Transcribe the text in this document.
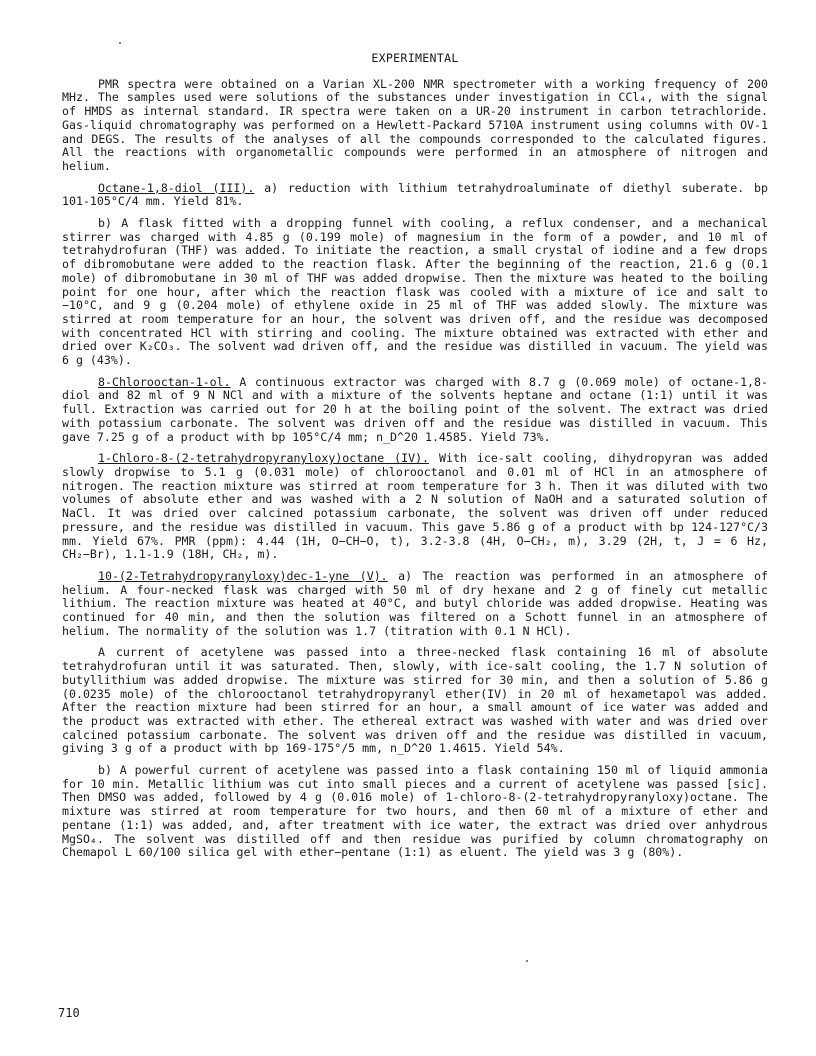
EXPERIMENTAL

PMR spectra were obtained on a Varian XL-200 NMR spectrometer with a working frequency of 200 MHz. The samples used were solutions of the substances under investigation in CCl₄, with the signal of HMDS as internal standard. IR spectra were taken on a UR-20 instrument in carbon tetrachloride. Gas-liquid chromatography was performed on a Hewlett-Packard 5710A instrument using columns with OV-1 and DEGS. The results of the analyses of all the compounds corresponded to the calculated figures. All the reactions with organometallic compounds were performed in an atmosphere of nitrogen and helium.

Octane-1,8-diol (III). a) reduction with lithium tetrahydroaluminate of diethyl suberate. bp 101-105°C/4 mm. Yield 81%.

b) A flask fitted with a dropping funnel with cooling, a reflux condenser, and a mechanical stirrer was charged with 4.85 g (0.199 mole) of magnesium in the form of a powder, and 10 ml of tetrahydrofuran (THF) was added. To initiate the reaction, a small crystal of iodine and a few drops of dibromobutane were added to the reaction flask. After the beginning of the reaction, 21.6 g (0.1 mole) of dibromobutane in 30 ml of THF was added dropwise. Then the mixture was heated to the boiling point for one hour, after which the reaction flask was cooled with a mixture of ice and salt to −10°C, and 9 g (0.204 mole) of ethylene oxide in 25 ml of THF was added slowly. The mixture was stirred at room temperature for an hour, the solvent was driven off, and the residue was decomposed with concentrated HCl with stirring and cooling. The mixture obtained was extracted with ether and dried over K₂CO₃. The solvent wad driven off, and the residue was distilled in vacuum. The yield was 6 g (43%).

8-Chlorooctan-1-ol. A continuous extractor was charged with 8.7 g (0.069 mole) of octane-1,8-diol and 82 ml of 9 N NCl and with a mixture of the solvents heptane and octane (1:1) until it was full. Extraction was carried out for 20 h at the boiling point of the solvent. The extract was dried with potassium carbonate. The solvent was driven off and the residue was distilled in vacuum. This gave 7.25 g of a product with bp 105°C/4 mm; n_D^20 1.4585. Yield 73%.

1-Chloro-8-(2-tetrahydropyranyloxy)octane (IV). With ice-salt cooling, dihydropyran was added slowly dropwise to 5.1 g (0.031 mole) of chlorooctanol and 0.01 ml of HCl in an atmosphere of nitrogen. The reaction mixture was stirred at room temperature for 3 h. Then it was diluted with two volumes of absolute ether and was washed with a 2 N solution of NaOH and a saturated solution of NaCl. It was dried over calcined potassium carbonate, the solvent was driven off under reduced pressure, and the residue was distilled in vacuum. This gave 5.86 g of a product with bp 124-127°C/3 mm. Yield 67%. PMR (ppm): 4.44 (1H, O−CH−O, t), 3.2-3.8 (4H, O−CH₂, m), 3.29 (2H, t, J = 6 Hz, CH₂−Br), 1.1-1.9 (18H, CH₂, m).

10-(2-Tetrahydropyranyloxy)dec-1-yne (V). a) The reaction was performed in an atmosphere of helium. A four-necked flask was charged with 50 ml of dry hexane and 2 g of finely cut metallic lithium. The reaction mixture was heated at 40°C, and butyl chloride was added dropwise. Heating was continued for 40 min, and then the solution was filtered on a Schott funnel in an atmosphere of helium. The normality of the solution was 1.7 (titration with 0.1 N HCl).

A current of acetylene was passed into a three-necked flask containing 16 ml of absolute tetrahydrofuran until it was saturated. Then, slowly, with ice-salt cooling, the 1.7 N solution of butyllithium was added dropwise. The mixture was stirred for 30 min, and then a solution of 5.86 g (0.0235 mole) of the chlorooctanol tetrahydropyranyl ether(IV) in 20 ml of hexametapol was added. After the reaction mixture had been stirred for an hour, a small amount of ice water was added and the product was extracted with ether. The ethereal extract was washed with water and was dried over calcined potassium carbonate. The solvent was driven off and the residue was distilled in vacuum, giving 3 g of a product with bp 169-175°/5 mm, n_D^20 1.4615. Yield 54%.

b) A powerful current of acetylene was passed into a flask containing 150 ml of liquid ammonia for 10 min. Metallic lithium was cut into small pieces and a current of acetylene was passed [sic]. Then DMSO was added, followed by 4 g (0.016 mole) of 1-chloro-8-(2-tetrahydropyranyloxy)octane. The mixture was stirred at room temperature for two hours, and then 60 ml of a mixture of ether and pentane (1:1) was added, and, after treatment with ice water, the extract was dried over anhydrous MgSO₄. The solvent was distilled off and then residue was purified by column chromatography on Chemapol L 60/100 silica gel with ether−pentane (1:1) as eluent. The yield was 3 g (80%).

710
